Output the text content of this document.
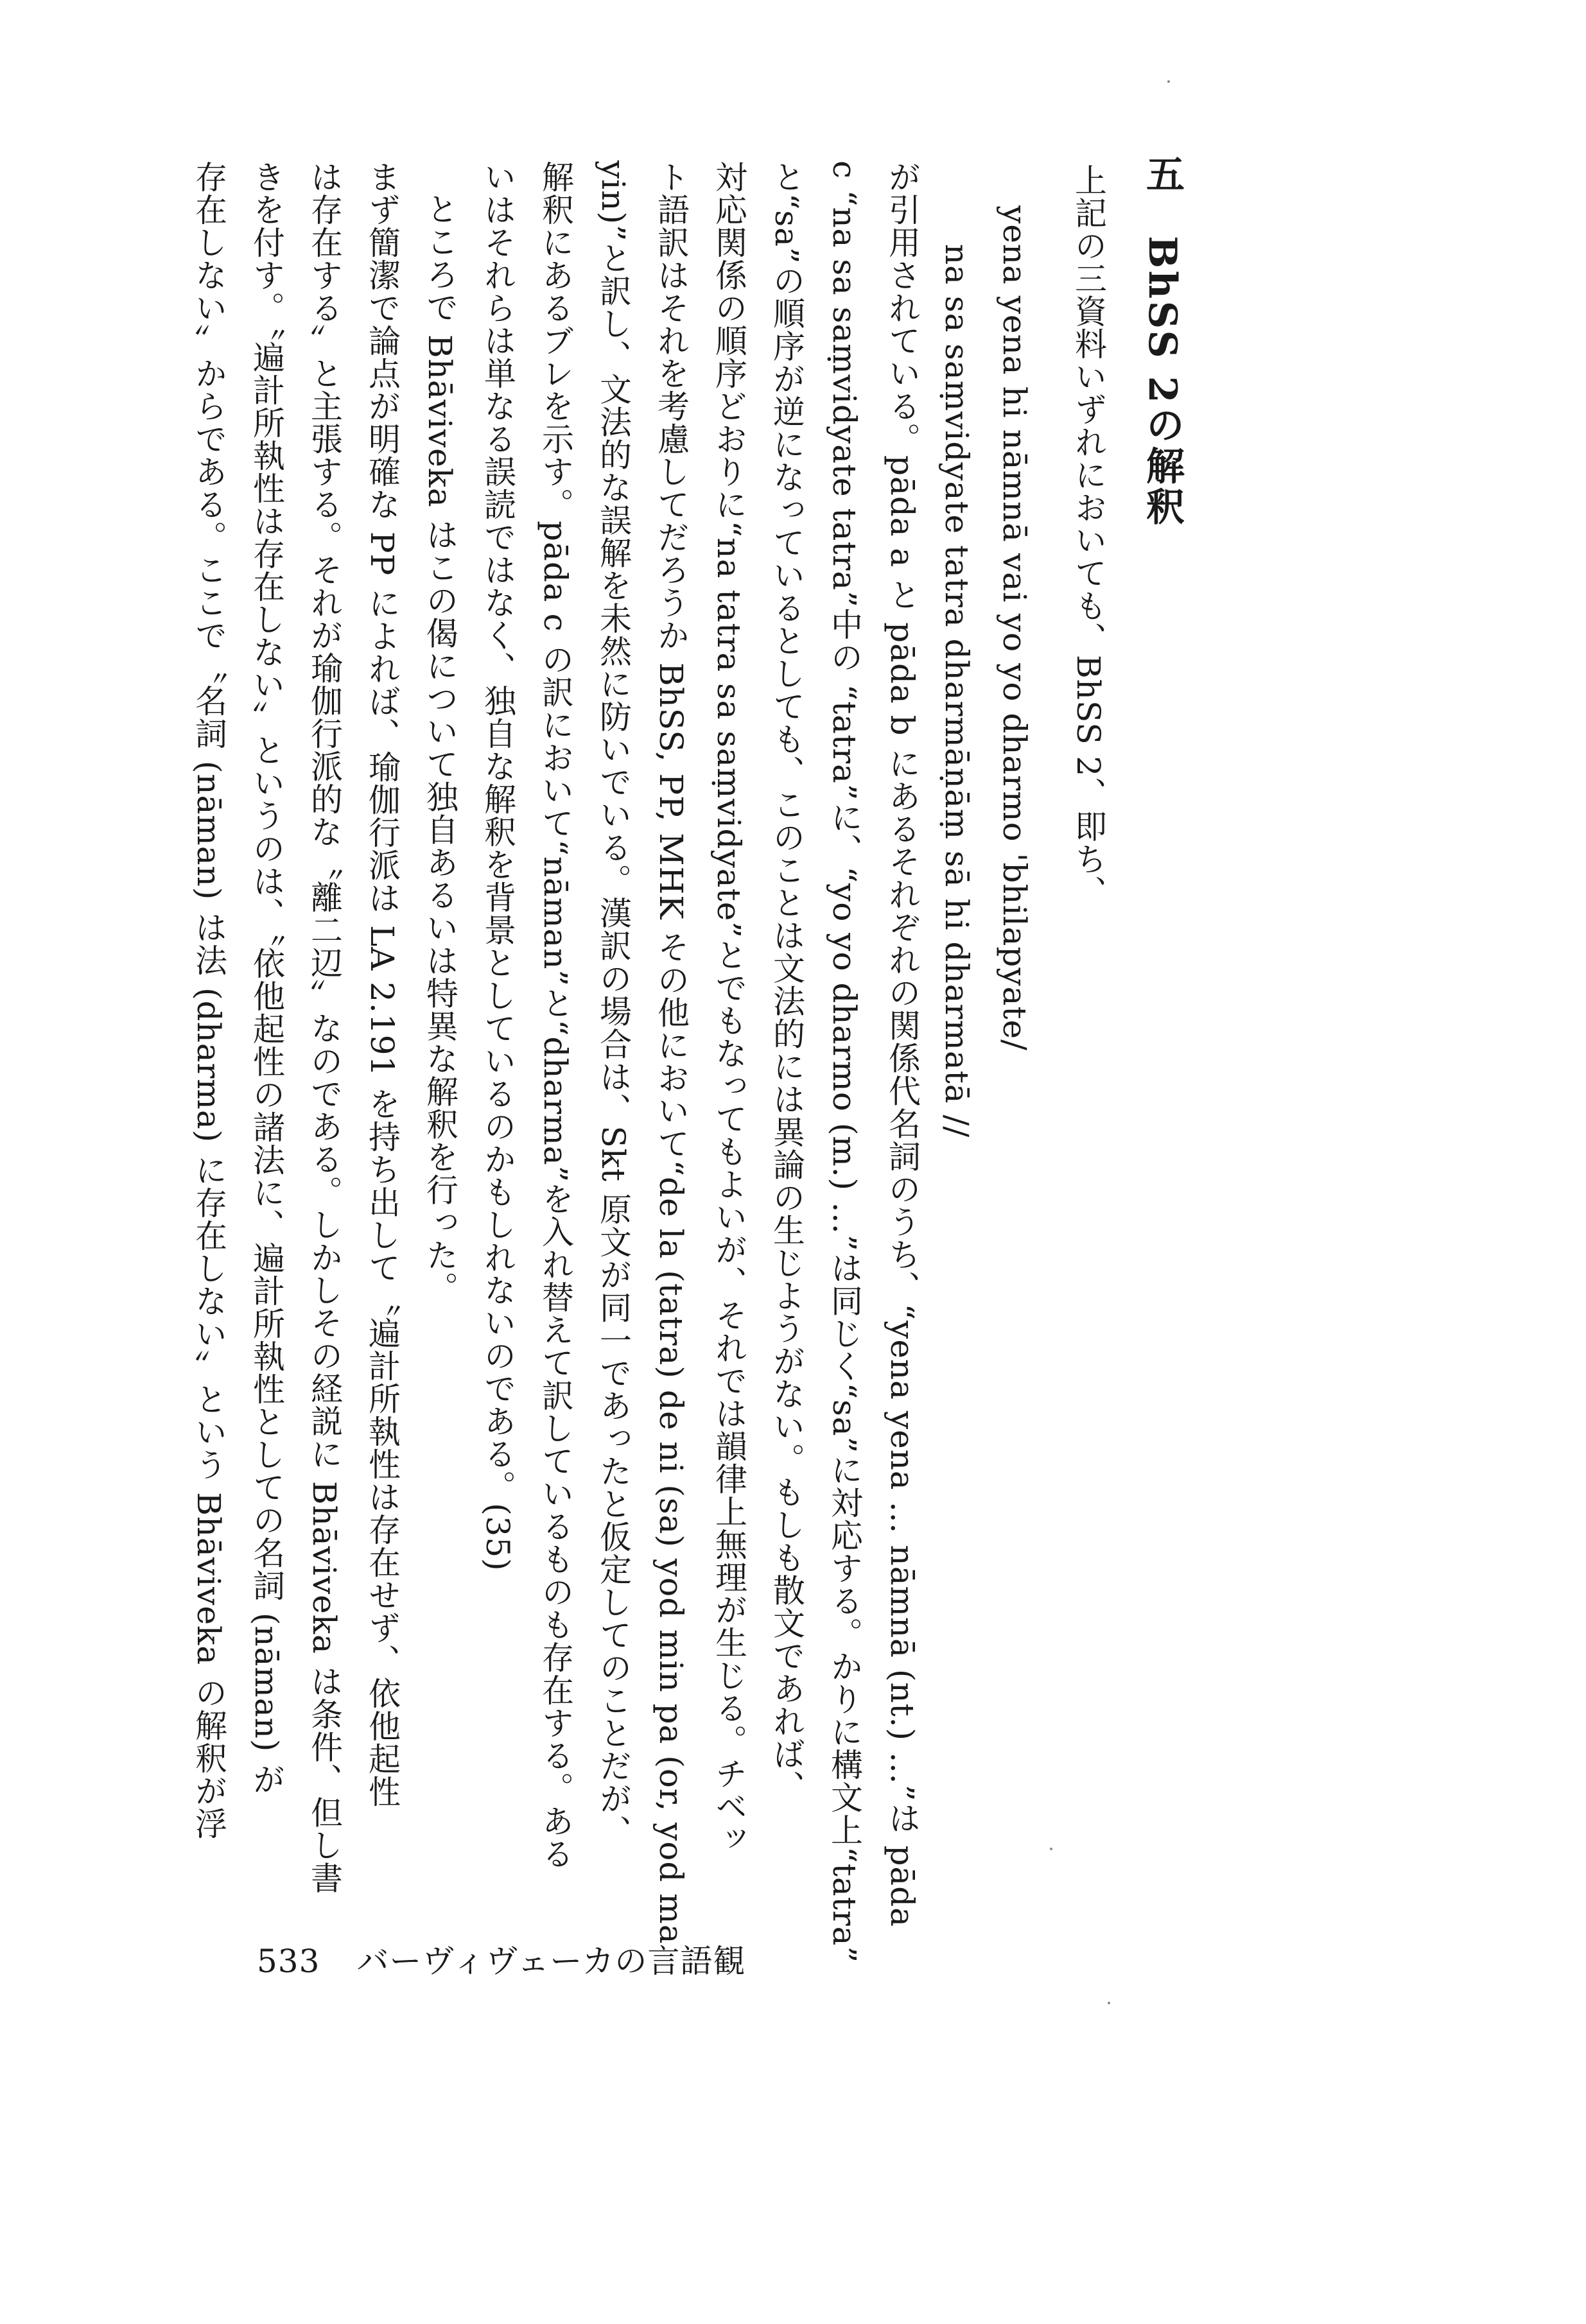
五　BhSS 2の解釈
上記の三資料いずれにおいても、BhSS 2、即ち、
yena yena hi nāmnā vai yo yo dharmo 'bhilapyate/
na sa saṃvidyate tatra dharmāṇāṃ sā hi dharmatā //
が引用されている。pāda a と pāda b にあるそれぞれの関係代名詞のうち、“yena yena … nāmnā (nt.) …”は pāda
c “na sa saṃvidyate tatra”中の “tatra”に、“yo yo dharmo (m.) …”は同じく“sa”に対応する。かりに構文上“tatra”
と“sa”の順序が逆になっているとしても、このことは文法的には異論の生じようがない。もしも散文であれば、
対応関係の順序どおりに“na tatra sa saṃvidyate”とでもなってもよいが、それでは韻律上無理が生じる。チベッ
ト語訳はそれを考慮してだろうか BhSS, PP, MHK その他において“de la (tatra) de ni (sa) yod min pa (or, yod ma
yin)”と訳し、文法的な誤解を未然に防いでいる。漢訳の場合は、Skt 原文が同一であったと仮定してのことだが、
解釈にあるブレを示す。pāda c の訳において“nāman”と“dharma”を入れ替えて訳しているものも存在する。ある
いはそれらは単なる誤読ではなく、独自な解釈を背景としているのかもしれないのである。(35)
ところで Bhāviveka はこの偈について独自あるいは特異な解釈を行った。
まず簡潔で論点が明確な PP によれば、瑜伽行派は LA 2.191 を持ち出して〝遍計所執性は存在せず、依他起性
は存在する〟と主張する。それが瑜伽行派的な〝離二辺〟なのである。しかしその経説に Bhāviveka は条件、但し書
きを付す。〝遍計所執性は存在しない〟というのは、〝依他起性の諸法に、遍計所執性としての名詞 (nāman) が
存在しない〟からである。ここで〝名詞 (nāman) は法 (dharma) に存在しない〟という Bhāviveka の解釈が浮
533 バーヴィヴェーカの言語観
